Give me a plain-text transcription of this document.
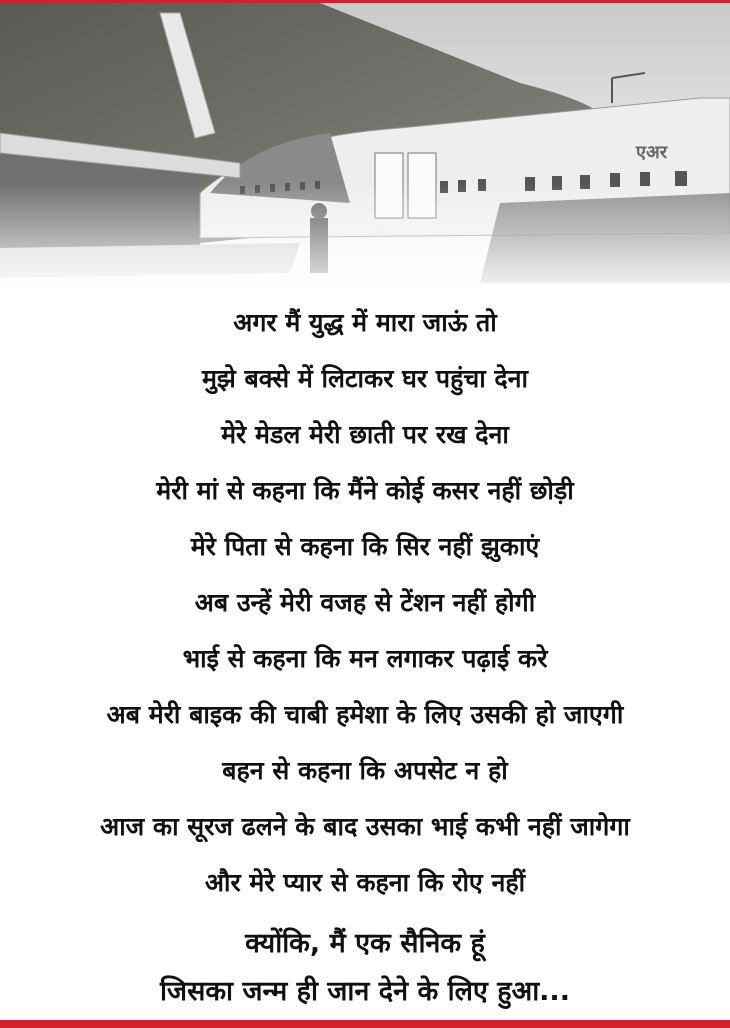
एअर
अगर मैं युद्ध में मारा जाऊं तो
मुझे बक्से में लिटाकर घर पहुंचा देना
मेरे मेडल मेरी छाती पर रख देना
मेरी मां से कहना कि मैंने कोई कसर नहीं छोड़ी
मेरे पिता से कहना कि सिर नहीं झुकाएं
अब उन्हें मेरी वजह से टेंशन नहीं होगी
भाई से कहना कि मन लगाकर पढ़ाई करे
अब मेरी बाइक की चाबी हमेशा के लिए उसकी हो जाएगी
बहन से कहना कि अपसेट न हो
आज का सूरज ढलने के बाद उसका भाई कभी नहीं जागेगा
और मेरे प्यार से कहना कि रोए नहीं
क्योंकि, मैं एक सैनिक हूं
जिसका जन्म ही जान देने के लिए हुआ...
